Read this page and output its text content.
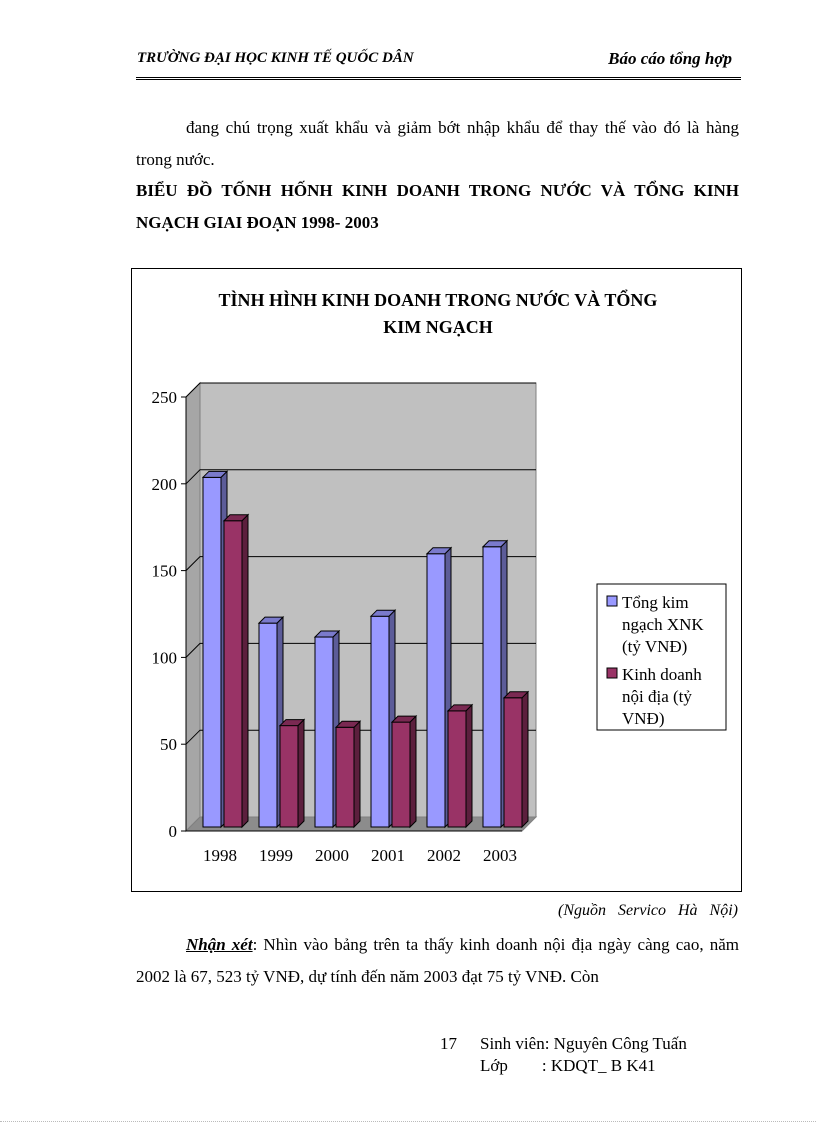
TRƯỜNG ĐẠI HỌC KINH TẾ QUỐC DÂN	Báo cáo tổng hợp
đang chú trọng xuất khẩu và giảm bớt nhập khẩu để thay thế vào đó là hàng trong nước.
BIỂU ĐỒ TỐNH HỐNH KINH DOANH TRONG NƯỚC VÀ TỔNG KINH NGẠCH GIAI ĐOẠN 1998- 2003
TÌNH HÌNH KINH DOANH TRONG NƯỚC VÀ TỔNG
KIM NGẠCH
0
50
100
150
200
250
1998 1999 2000 2001 2002 2003
Tổng kim
ngạch XNK
(tỷ VNĐ)
Kinh doanh
nội địa (tỷ
VNĐ)
(Nguồn Servico Hà Nội)
Nhận xét: Nhìn vào bảng trên ta thấy kinh doanh nội địa ngày càng cao, năm 2002 là 67, 523 tỷ VNĐ, dự tính đến năm 2003 đạt 75 tỷ VNĐ. Còn
17 Sinh viên: Nguyên Công Tuấn
Lớp        : KDQT_ B K41
